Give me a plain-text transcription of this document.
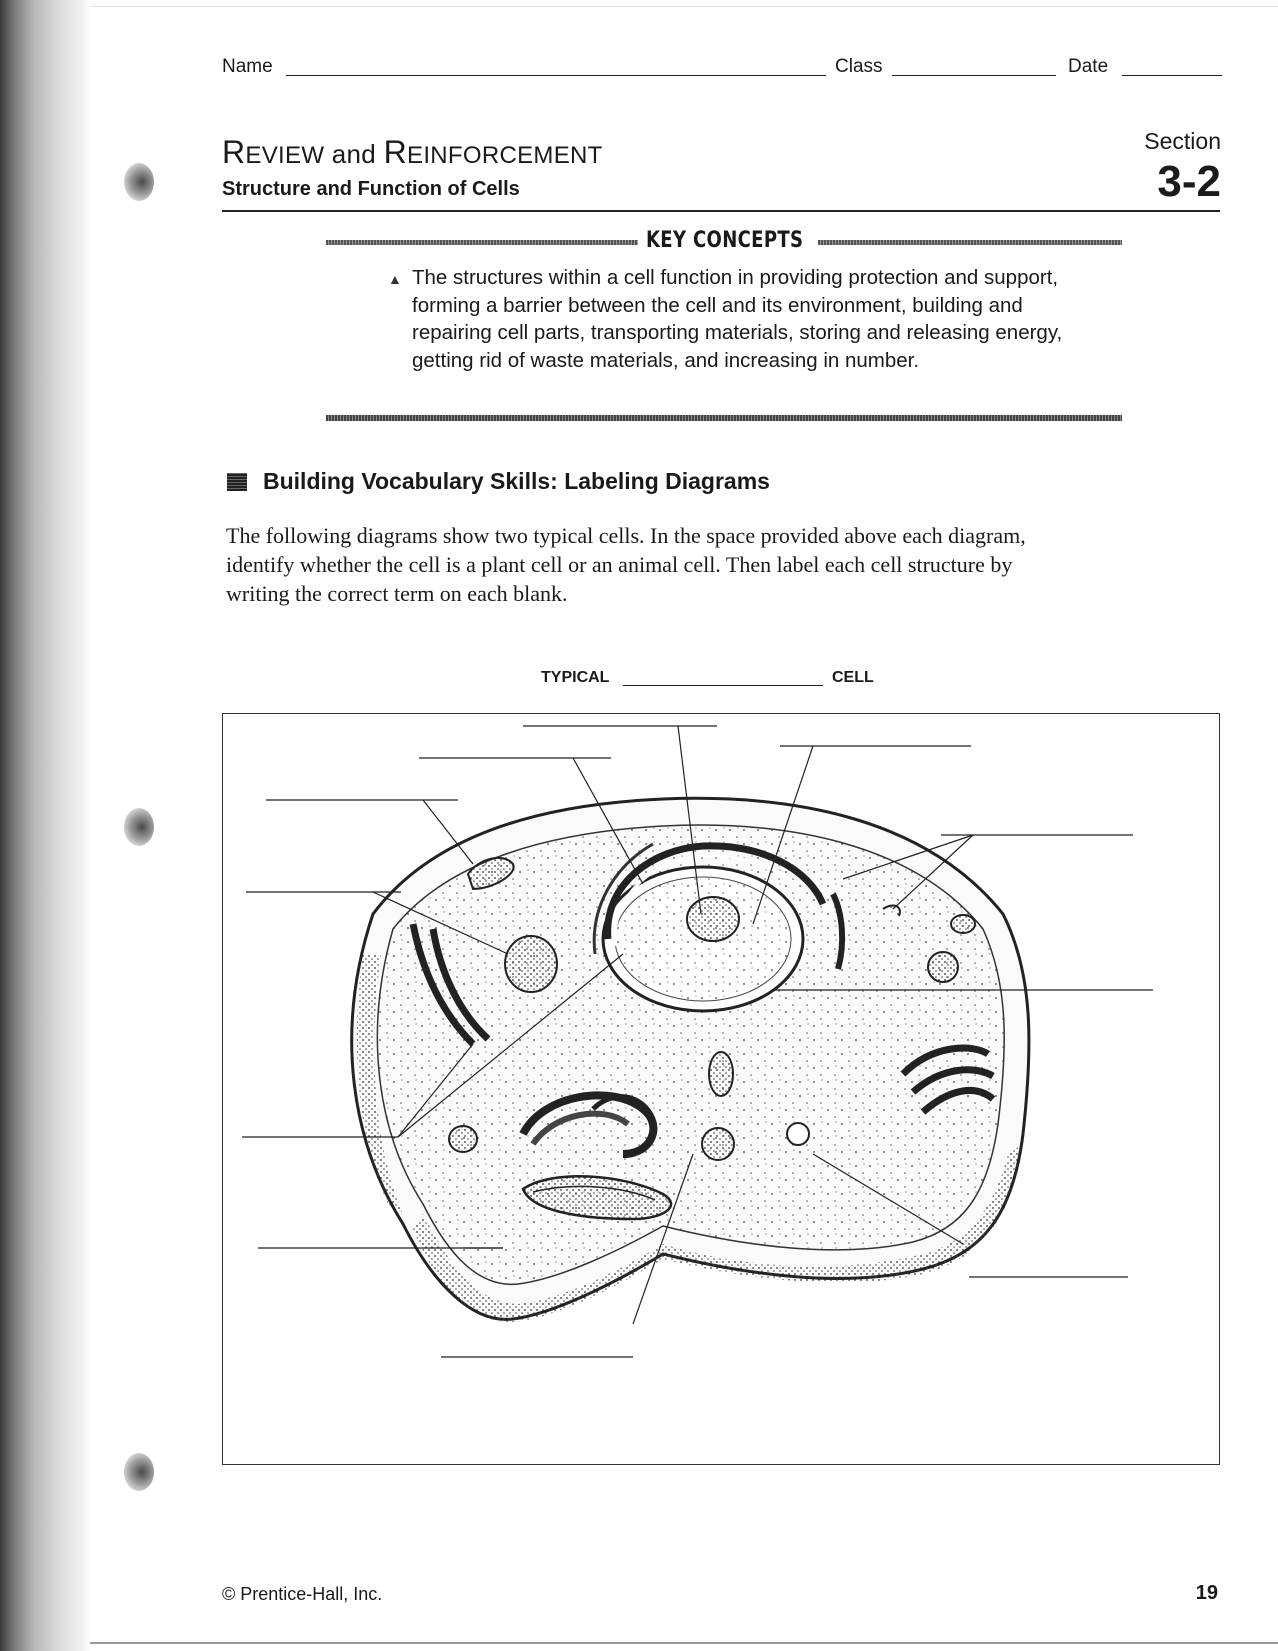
Name	Class	Date
REVIEW and REINFORCEMENT
Structure and Function of Cells
Section
3-2
KEY CONCEPTS
▲ The structures within a cell function in providing protection and support, forming a barrier between the cell and its environment, building and repairing cell parts, transporting materials, storing and releasing energy, getting rid of waste materials, and increasing in number.
Building Vocabulary Skills: Labeling Diagrams
The following diagrams show two typical cells. In the space provided above each diagram, identify whether the cell is a plant cell or an animal cell. Then label each cell structure by writing the correct term on each blank.
TYPICAL	CELL
© Prentice-Hall, Inc.	19
